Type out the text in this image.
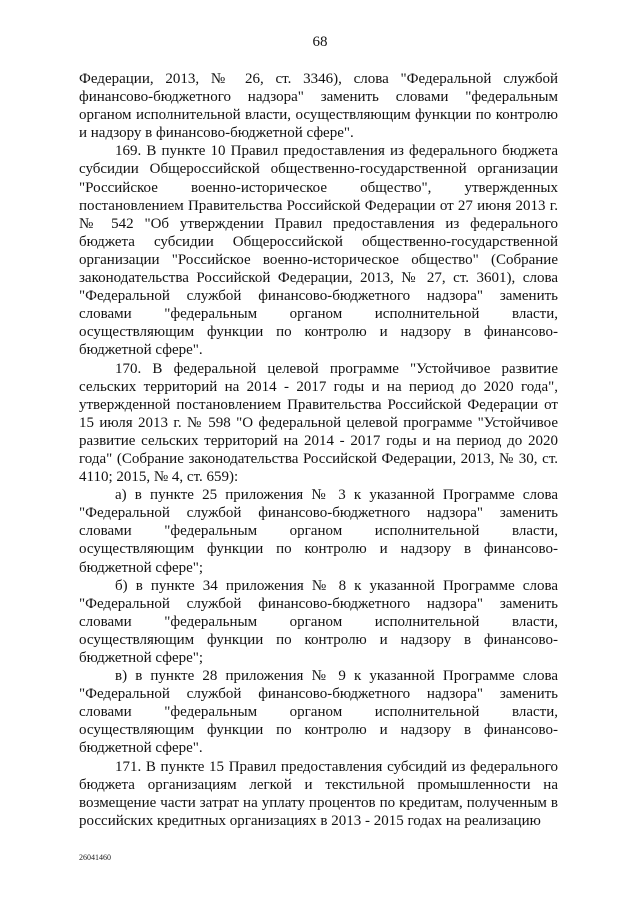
68

Федерации, 2013, № 26, ст. 3346), слова "Федеральной службой финансово-бюджетного надзора" заменить словами "федеральным органом исполнительной власти, осуществляющим функции по контролю и надзору в финансово-бюджетной сфере".

169. В пункте 10 Правил предоставления из федерального бюджета субсидии Общероссийской общественно-государственной организации "Российское военно-историческое общество", утвержденных постановлением Правительства Российской Федерации от 27 июня 2013 г. № 542 "Об утверждении Правил предоставления из федерального бюджета субсидии Общероссийской общественно-государственной организации "Российское военно-историческое общество" (Собрание законодательства Российской Федерации, 2013, № 27, ст. 3601), слова "Федеральной службой финансово-бюджетного надзора" заменить словами "федеральным органом исполнительной власти, осуществляющим функции по контролю и надзору в финансово-бюджетной сфере".

170. В федеральной целевой программе "Устойчивое развитие сельских территорий на 2014 - 2017 годы и на период до 2020 года", утвержденной постановлением Правительства Российской Федерации от 15 июля 2013 г. № 598 "О федеральной целевой программе "Устойчивое развитие сельских территорий на 2014 - 2017 годы и на период до 2020 года" (Собрание законодательства Российской Федерации, 2013, № 30, ст. 4110; 2015, № 4, ст. 659):

а) в пункте 25 приложения № 3 к указанной Программе слова "Федеральной службой финансово-бюджетного надзора" заменить словами "федеральным органом исполнительной власти, осуществляющим функции по контролю и надзору в финансово-бюджетной сфере";

б) в пункте 34 приложения № 8 к указанной Программе слова "Федеральной службой финансово-бюджетного надзора" заменить словами "федеральным органом исполнительной власти, осуществляющим функции по контролю и надзору в финансово-бюджетной сфере";

в) в пункте 28 приложения № 9 к указанной Программе слова "Федеральной службой финансово-бюджетного надзора" заменить словами "федеральным органом исполнительной власти, осуществляющим функции по контролю и надзору в финансово-бюджетной сфере".

171. В пункте 15 Правил предоставления субсидий из федерального бюджета организациям легкой и текстильной промышленности на возмещение части затрат на уплату процентов по кредитам, полученным в российских кредитных организациях в 2013 - 2015 годах на реализацию

26041460
